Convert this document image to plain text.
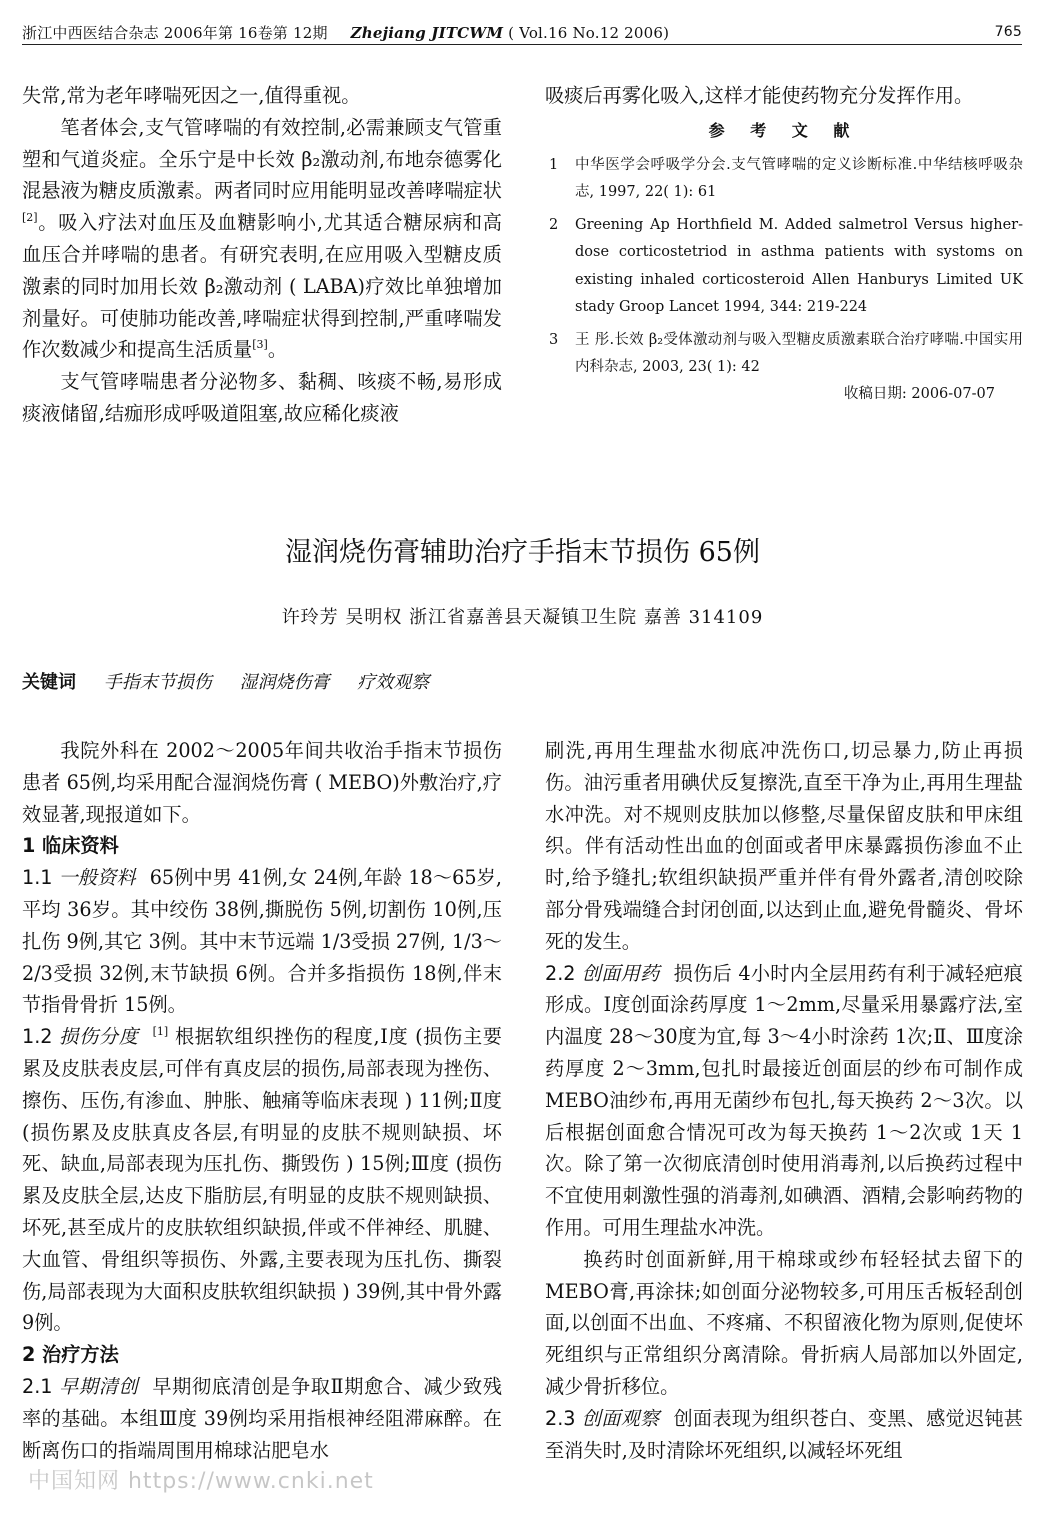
浙江中西医结合杂志 2006年第 16卷第 12期 Zhejiang JITCWM ( Vol.16 No.12 2006)	765

失常,常为老年哮喘死因之一,值得重视。

笔者体会,支气管哮喘的有效控制,必需兼顾支气管重塑和气道炎症。全乐宁是中长效 β₂激动剂,布地奈德雾化混悬液为糖皮质激素。两者同时应用能明显改善哮喘症状[2]。吸入疗法对血压及血糖影响小,尤其适合糖尿病和高血压合并哮喘的患者。有研究表明,在应用吸入型糖皮质激素的同时加用长效 β₂激动剂 ( LABA)疗效比单独增加剂量好。可使肺功能改善,哮喘症状得到控制,严重哮喘发作次数减少和提高生活质量[3]。

支气管哮喘患者分泌物多、黏稠、咳痰不畅,易形成痰液储留,结痂形成呼吸道阻塞,故应稀化痰液

吸痰后再雾化吸入,这样才能使药物充分发挥作用。
参 考 文 献
1 中华医学会呼吸学分会.支气管哮喘的定义诊断标准.中华结核呼吸杂志, 1997, 22( 1): 61
2 Greening Ap Horthfield M. Added salmetrol Versus higher-dose corticostetriod in asthma patients with systoms on existing inhaled corticosteroid Allen Hanburys Limited UK stady Groop Lancet 1994, 344: 219-224
3 王 彤.长效 β₂受体激动剂与吸入型糖皮质激素联合治疗哮喘.中国实用内科杂志, 2003, 23( 1): 42
收稿日期: 2006-07-07
湿润烧伤膏辅助治疗手指末节损伤 65例
许玲芳 吴明权 浙江省嘉善县天凝镇卫生院 嘉善 314109
关键词 手指末节损伤 湿润烧伤膏 疗效观察

我院外科在 2002～2005年间共收治手指末节损伤患者 65例,均采用配合湿润烧伤膏 ( MEBO)外敷治疗,疗效显著,现报道如下。

1 临床资料

1.1 一般资料 65例中男 41例,女 24例,年龄 18～65岁,平均 36岁。其中绞伤 38例,撕脱伤 5例,切割伤 10例,压扎伤 9例,其它 3例。其中末节远端 1/3受损 27例, 1/3～2/3受损 32例,末节缺损 6例。合并多指损伤 18例,伴末节指骨骨折 15例。

1.2 损伤分度 [1] 根据软组织挫伤的程度,Ⅰ度 (损伤主要累及皮肤表皮层,可伴有真皮层的损伤,局部表现为挫伤、擦伤、压伤,有渗血、肿胀、触痛等临床表现 ) 11例;Ⅱ度 (损伤累及皮肤真皮各层,有明显的皮肤不规则缺损、坏死、缺血,局部表现为压扎伤、撕毁伤 ) 15例;Ⅲ度 (损伤累及皮肤全层,达皮下脂肪层,有明显的皮肤不规则缺损、坏死,甚至成片的皮肤软组织缺损,伴或不伴神经、肌腱、大血管、骨组织等损伤、外露,主要表现为压扎伤、撕裂伤,局部表现为大面积皮肤软组织缺损 ) 39例,其中骨外露 9例。

2 治疗方法

2.1 早期清创 早期彻底清创是争取Ⅱ期愈合、减少致残率的基础。本组Ⅲ度 39例均采用指根神经阻滞麻醉。在断离伤口的指端周围用棉球沾肥皂水

刷洗,再用生理盐水彻底冲洗伤口,切忌暴力,防止再损伤。油污重者用碘伏反复擦洗,直至干净为止,再用生理盐水冲洗。对不规则皮肤加以修整,尽量保留皮肤和甲床组织。伴有活动性出血的创面或者甲床暴露损伤渗血不止时,给予缝扎;软组织缺损严重并伴有骨外露者,清创咬除部分骨残端缝合封闭创面,以达到止血,避免骨髓炎、骨坏死的发生。

2.2 创面用药 损伤后 4小时内全层用药有利于减轻疤痕形成。Ⅰ度创面涂药厚度 1～2mm,尽量采用暴露疗法,室内温度 28～30度为宜,每 3～4小时涂药 1次;Ⅱ、Ⅲ度涂药厚度 2～3mm,包扎时最接近创面层的纱布可制作成 MEBO油纱布,再用无菌纱布包扎,每天换药 2～3次。以后根据创面愈合情况可改为每天换药 1～2次或 1天 1次。除了第一次彻底清创时使用消毒剂,以后换药过程中不宜使用刺激性强的消毒剂,如碘酒、酒精,会影响药物的作用。可用生理盐水冲洗。

换药时创面新鲜,用干棉球或纱布轻轻拭去留下的 MEBO膏,再涂抹;如创面分泌物较多,可用压舌板轻刮创面,以创面不出血、不疼痛、不积留液化物为原则,促使坏死组织与正常组织分离清除。骨折病人局部加以外固定,减少骨折移位。

2.3 创面观察 创面表现为组织苍白、变黑、感觉迟钝甚至消失时,及时清除坏死组织,以减轻坏死组

中国知网 https://www.cnki.net
